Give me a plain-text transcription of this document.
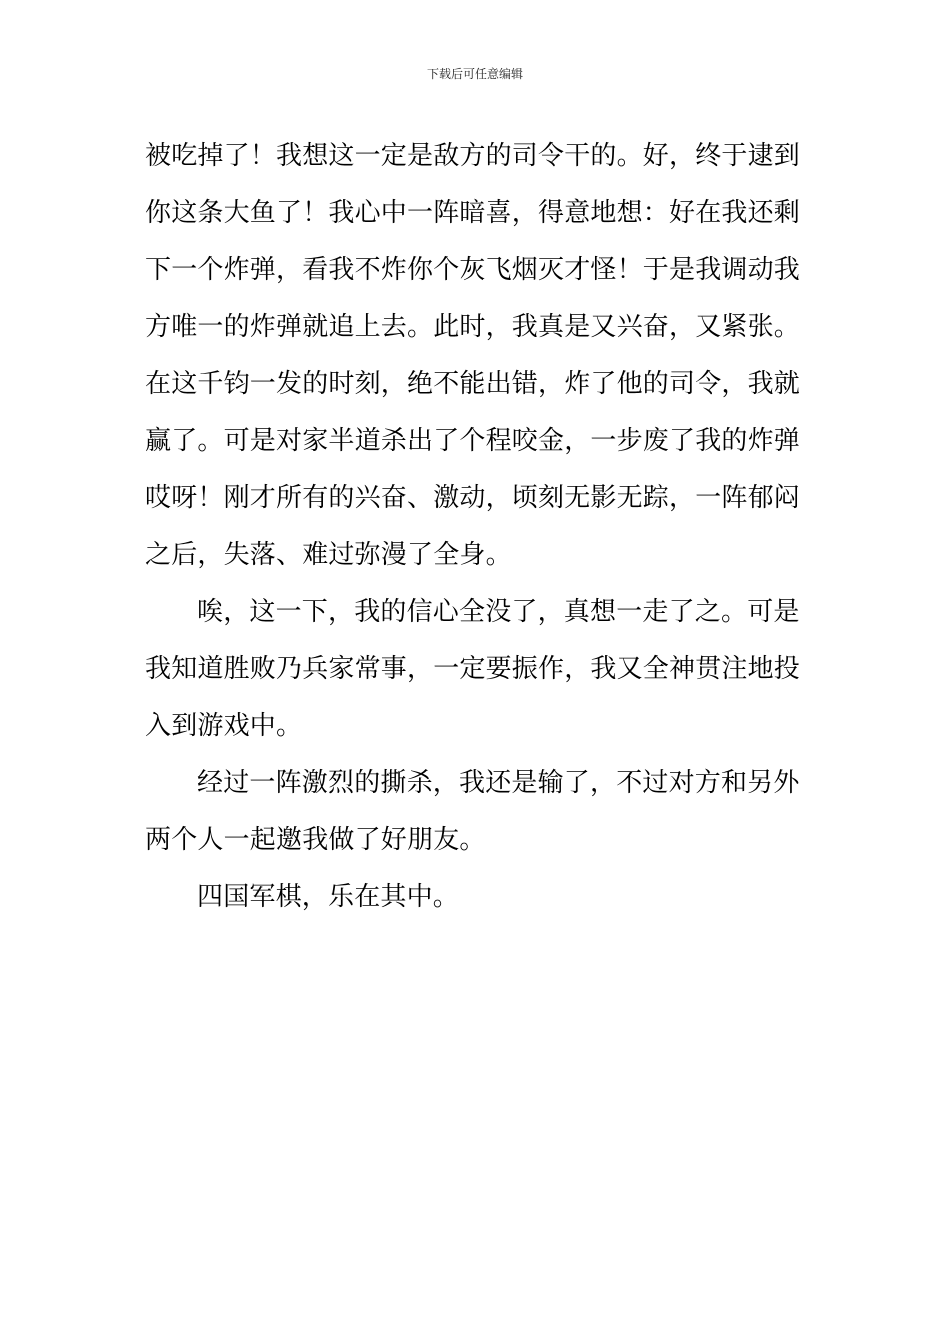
下载后可任意编辑
被吃掉了！我想这一定是敌方的司令干的。好，终于逮到
你这条大鱼了！我心中一阵暗喜，得意地想：好在我还剩
下一个炸弹，看我不炸你个灰飞烟灭才怪！于是我调动我
方唯一的炸弹就追上去。此时，我真是又兴奋，又紧张。
在这千钧一发的时刻，绝不能出错，炸了他的司令，我就
赢了。可是对家半道杀出了个程咬金，一步废了我的炸弹
哎呀！刚才所有的兴奋、激动，顷刻无影无踪，一阵郁闷
之后，失落、难过弥漫了全身。
唉，这一下，我的信心全没了，真想一走了之。可是
我知道胜败乃兵家常事，一定要振作，我又全神贯注地投
入到游戏中。
经过一阵激烈的撕杀，我还是输了，不过对方和另外
两个人一起邀我做了好朋友。
四国军棋，乐在其中。
